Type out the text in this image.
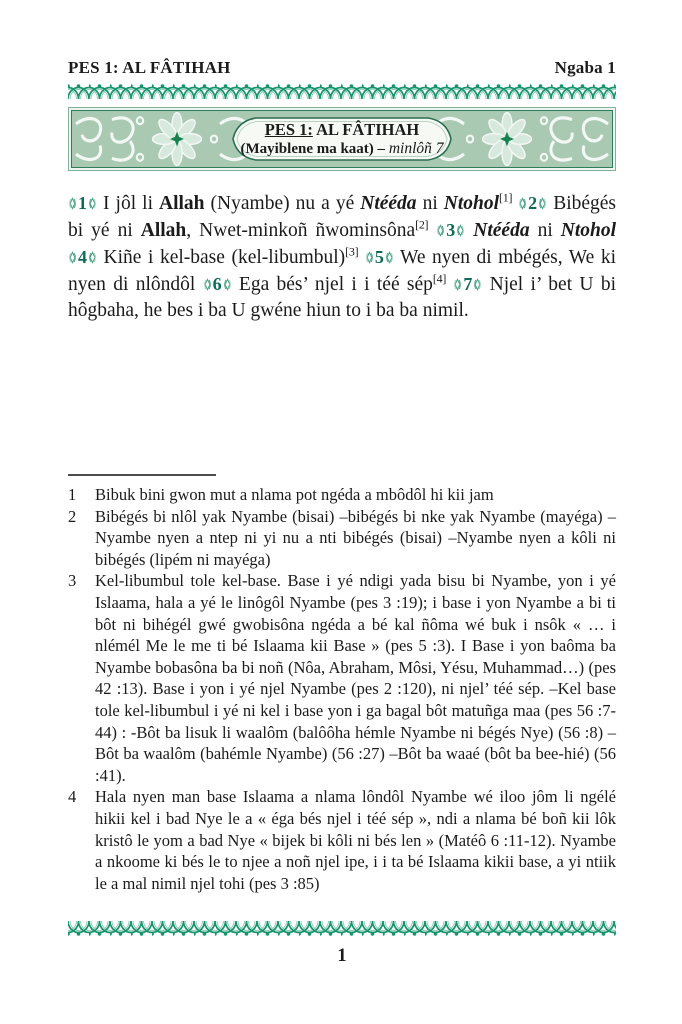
PES 1: AL FÂTIHAH	Ngaba 1
PES 1: AL FÂTIHAH
(Mayiblene ma kaat) – minlôñ 7
1 I jôl li Allah (Nyambe) nu a yé Ntééda ni Ntohol[1] 2 Bibégés bi yé ni Allah, Nwet-minkoñ ñwominsôna[2] 3 Ntééda ni Ntohol 4 Kiñe i kel-base (kel-libumbul)[3] 5 We nyen di mbégés, We ki nyen di nlôndôl 6 Ega bés’ njel i i téé sép[4] 7 Njel i’ bet U bi hôgbaha, he bes i ba U gwéne hiun to i ba ba nimil.
1	Bibuk bini gwon mut a nlama pot ngéda a mbôdôl hi kii jam
2	Bibégés bi nlôl yak Nyambe (bisai) –bibégés bi nke yak Nyambe (mayéga) –Nyambe nyen a ntep ni yi nu a nti bibégés (bisai) –Nyambe nyen a kôli ni bibégés (lipém ni mayéga)
3	Kel-libumbul tole kel-base. Base i yé ndigi yada bisu bi Nyambe, yon i yé Islaama, hala a yé le linôgôl Nyambe (pes 3 :19); i base i yon Nyambe a bi ti bôt ni bihégél gwé gwobisôna ngéda a bé kal ñôma wé buk i nsôk « … i nlémél Me le me ti bé Islaama kii Base » (pes 5 :3). I Base i yon baôma ba Nyambe bobasôna ba bi noñ (Nôa, Abraham, Môsi, Yésu, Muhammad…) (pes 42 :13). Base i yon i yé njel Nyambe (pes 2 :120), ni njel’ téé sép. –Kel base tole kel-libumbul i yé ni kel i base yon i ga bagal bôt matuñga maa (pes 56 :7- 44) : -Bôt ba lisuk li waalôm (balôôha hémle Nyambe ni bégés Nye) (56 :8) –Bôt ba waalôm (bahémle Nyambe) (56 :27) –Bôt ba waaé (bôt ba bee-hié) (56 :41).
4	Hala nyen man base Islaama a nlama lôndôl Nyambe wé iloo jôm li ngélé hikii kel i bad Nye le a « éga bés njel i téé sép », ndi a nlama bé boñ kii lôk kristô le yom a bad Nye « bijek bi kôli ni bés len » (Matéô 6 :11-12). Nyambe a nkoome ki bés le to njee a noñ njel ipe, i i ta bé Islaama kikii base, a yi ntiik le a mal nimil njel tohi (pes 3 :85)
1
